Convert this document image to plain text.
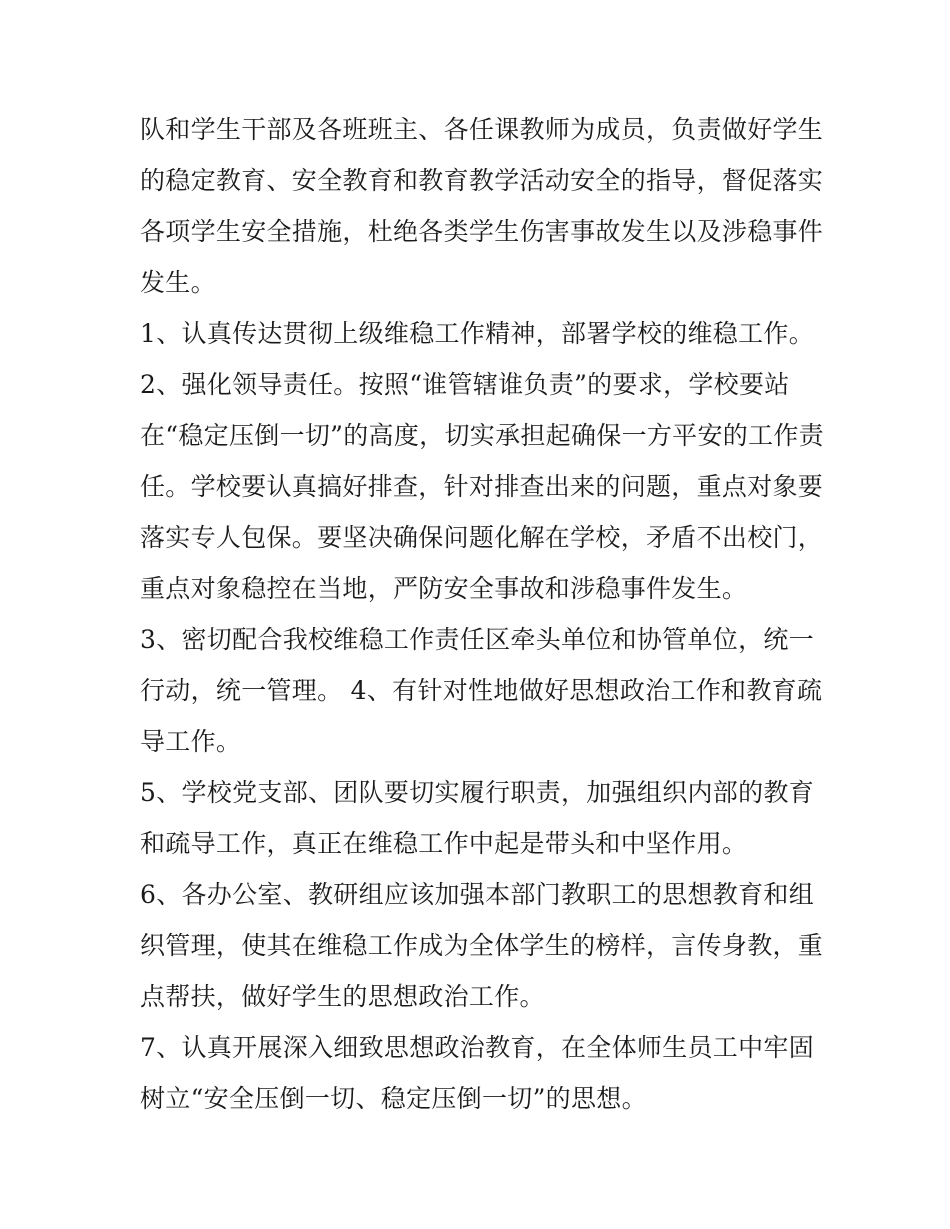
队和学生干部及各班班主、各任课教师为成员，负责做好学生
的稳定教育、安全教育和教育教学活动安全的指导，督促落实
各项学生安全措施，杜绝各类学生伤害事故发生以及涉稳事件
发生。
1、认真传达贯彻上级维稳工作精神，部署学校的维稳工作。
2、强化领导责任。按照“谁管辖谁负责”的要求，学校要站
在“稳定压倒一切”的高度，切实承担起确保一方平安的工作责
任。学校要认真搞好排查，针对排查出来的问题，重点对象要
落实专人包保。要坚决确保问题化解在学校，矛盾不出校门，
重点对象稳控在当地，严防安全事故和涉稳事件发生。
3、密切配合我校维稳工作责任区牵头单位和协管单位，统一
行动，统一管理。 4、有针对性地做好思想政治工作和教育疏
导工作。
5、学校党支部、团队要切实履行职责，加强组织内部的教育
和疏导工作，真正在维稳工作中起是带头和中坚作用。
6、各办公室、教研组应该加强本部门教职工的思想教育和组
织管理，使其在维稳工作成为全体学生的榜样，言传身教，重
点帮扶，做好学生的思想政治工作。
7、认真开展深入细致思想政治教育，在全体师生员工中牢固
树立“安全压倒一切、稳定压倒一切”的思想。
